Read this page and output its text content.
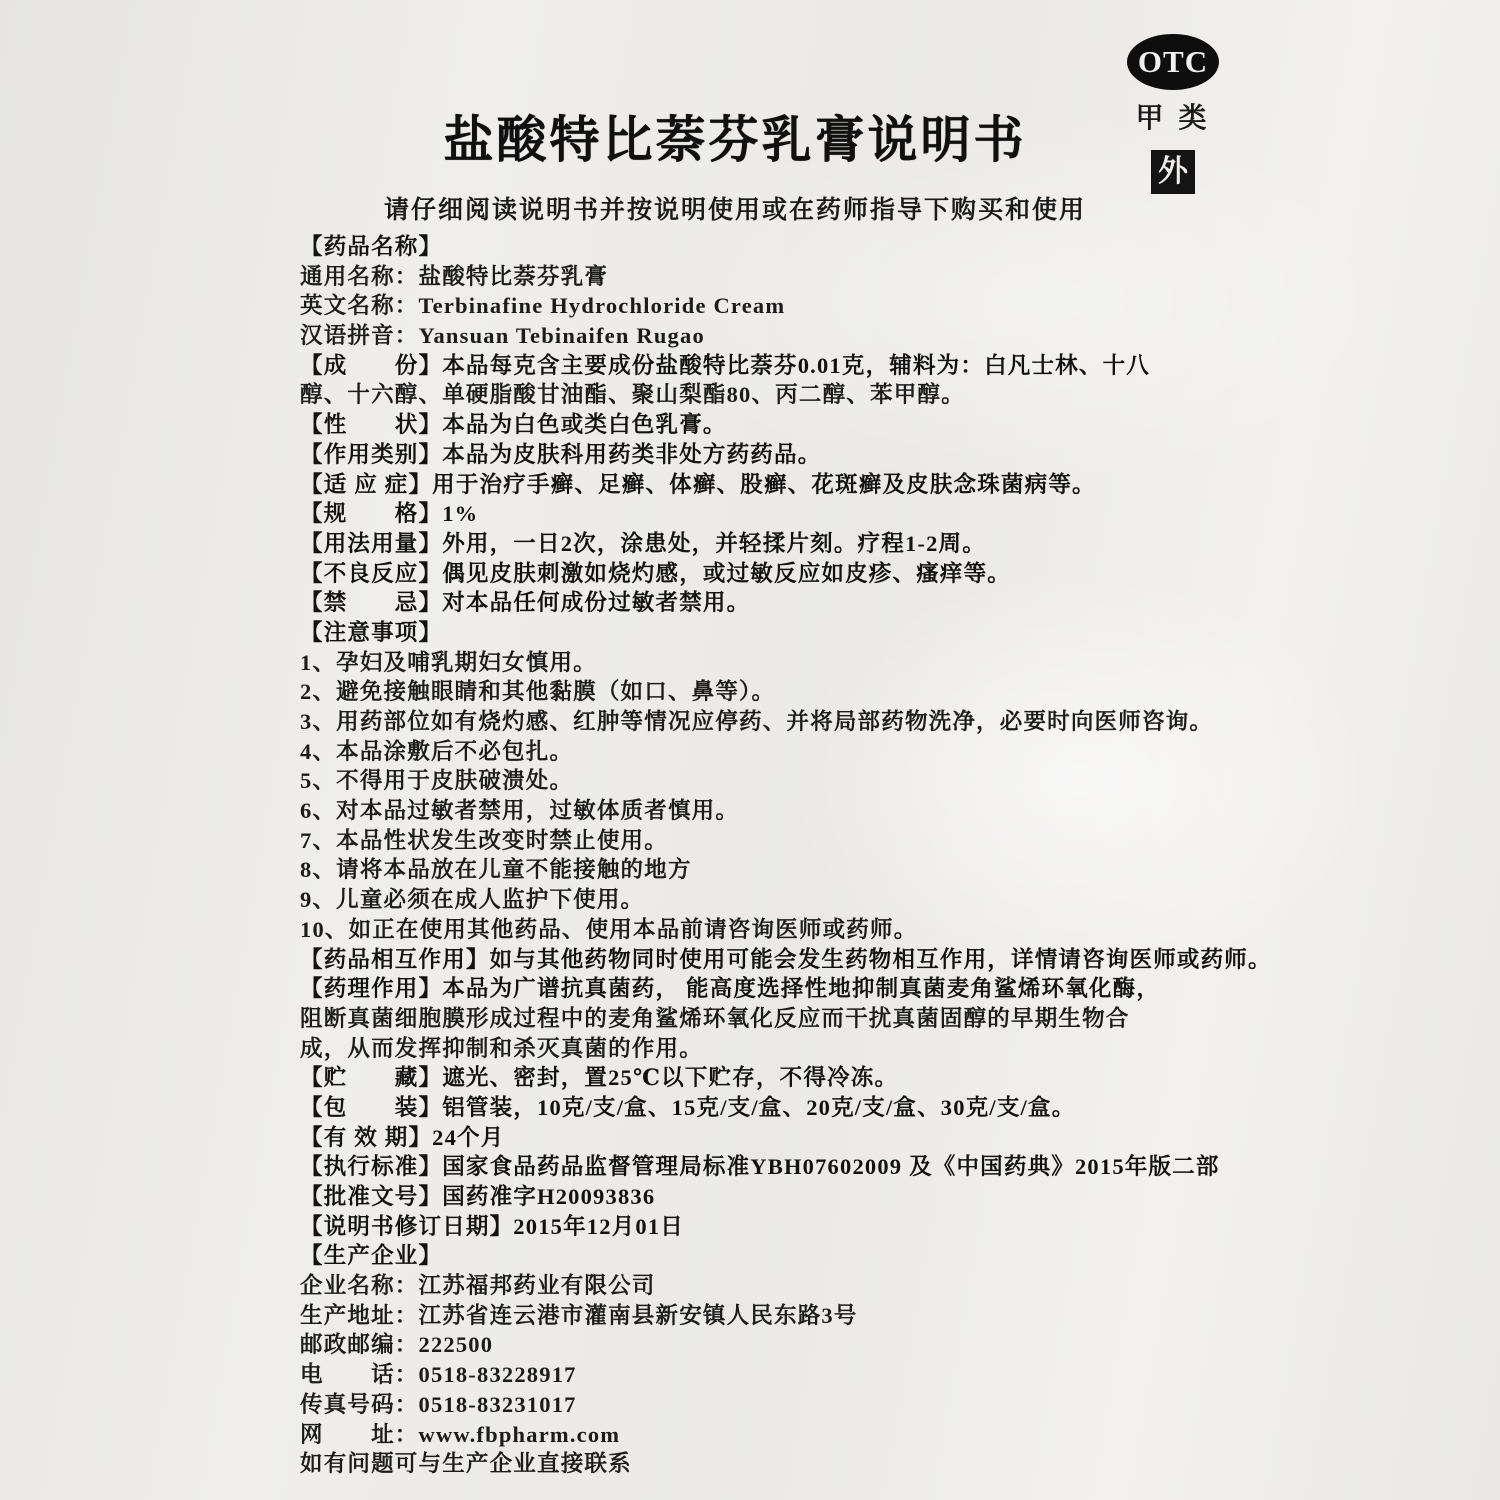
OTC
甲 类
外
盐酸特比萘芬乳膏说明书
请仔细阅读说明书并按说明使用或在药师指导下购买和使用
【药品名称】
通用名称：盐酸特比萘芬乳膏
英文名称：Terbinafine Hydrochloride Cream
汉语拼音：Yansuan Tebinaifen Rugao
【成　　份】本品每克含主要成份盐酸特比萘芬0.01克，辅料为：白凡士林、十八
醇、十六醇、单硬脂酸甘油酯、聚山梨酯80、丙二醇、苯甲醇。
【性　　状】本品为白色或类白色乳膏。
【作用类别】本品为皮肤科用药类非处方药药品。
【适 应 症】用于治疗手癣、足癣、体癣、股癣、花斑癣及皮肤念珠菌病等。
【规　　格】1%
【用法用量】外用，一日2次，涂患处，并轻揉片刻。疗程1-2周。
【不良反应】偶见皮肤刺激如烧灼感，或过敏反应如皮疹、瘙痒等。
【禁　　忌】对本品任何成份过敏者禁用。
【注意事项】
1、孕妇及哺乳期妇女慎用。
2、避免接触眼睛和其他黏膜（如口、鼻等）。
3、用药部位如有烧灼感、红肿等情况应停药、并将局部药物洗净，必要时向医师咨询。
4、本品涂敷后不必包扎。
5、不得用于皮肤破溃处。
6、对本品过敏者禁用，过敏体质者慎用。
7、本品性状发生改变时禁止使用。
8、请将本品放在儿童不能接触的地方
9、儿童必须在成人监护下使用。
10、如正在使用其他药品、使用本品前请咨询医师或药师。
【药品相互作用】如与其他药物同时使用可能会发生药物相互作用，详情请咨询医师或药师。
【药理作用】本品为广谱抗真菌药， 能高度选择性地抑制真菌麦角鲨烯环氧化酶，
阻断真菌细胞膜形成过程中的麦角鲨烯环氧化反应而干扰真菌固醇的早期生物合
成，从而发挥抑制和杀灭真菌的作用。
【贮　　藏】遮光、密封，置25℃以下贮存，不得冷冻。
【包　　装】铝管装，10克/支/盒、15克/支/盒、20克/支/盒、30克/支/盒。
【有 效 期】24个月
【执行标准】国家食品药品监督管理局标准YBH07602009 及《中国药典》2015年版二部
【批准文号】国药准字H20093836
【说明书修订日期】2015年12月01日
【生产企业】
企业名称：江苏福邦药业有限公司
生产地址：江苏省连云港市灌南县新安镇人民东路3号
邮政邮编：222500
电　　话：0518-83228917
传真号码：0518-83231017
网　　址：www.fbpharm.com
如有问题可与生产企业直接联系
